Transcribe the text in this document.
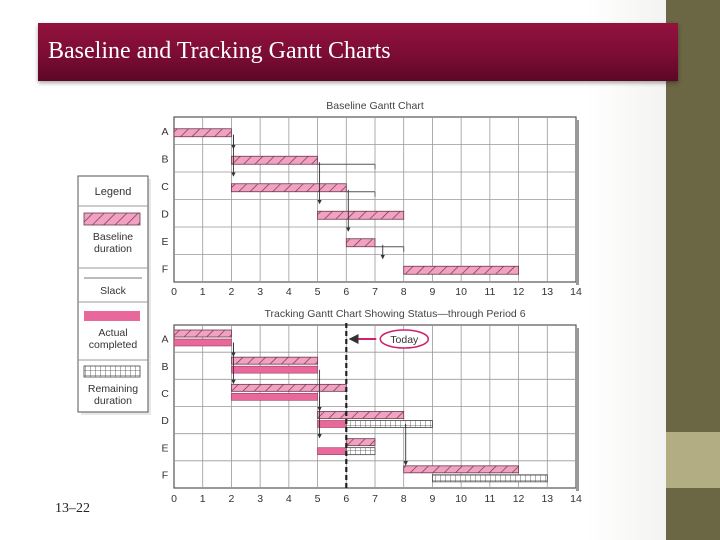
Baseline and Tracking Gantt Charts
Legend
Baseline duration
Slack
Actual completed
Remaining duration
Baseline Gantt Chart
0 1 2 3 4 5 6 7 8 9 10 11 12 13 14
A
B
C
D
E
F
Tracking Gantt Chart Showing Status—through Period 6
0 1 2 3 4 5 6 7 8 9 10 11 12 13 14
A
B
C
D
E
F
Today
13–22
